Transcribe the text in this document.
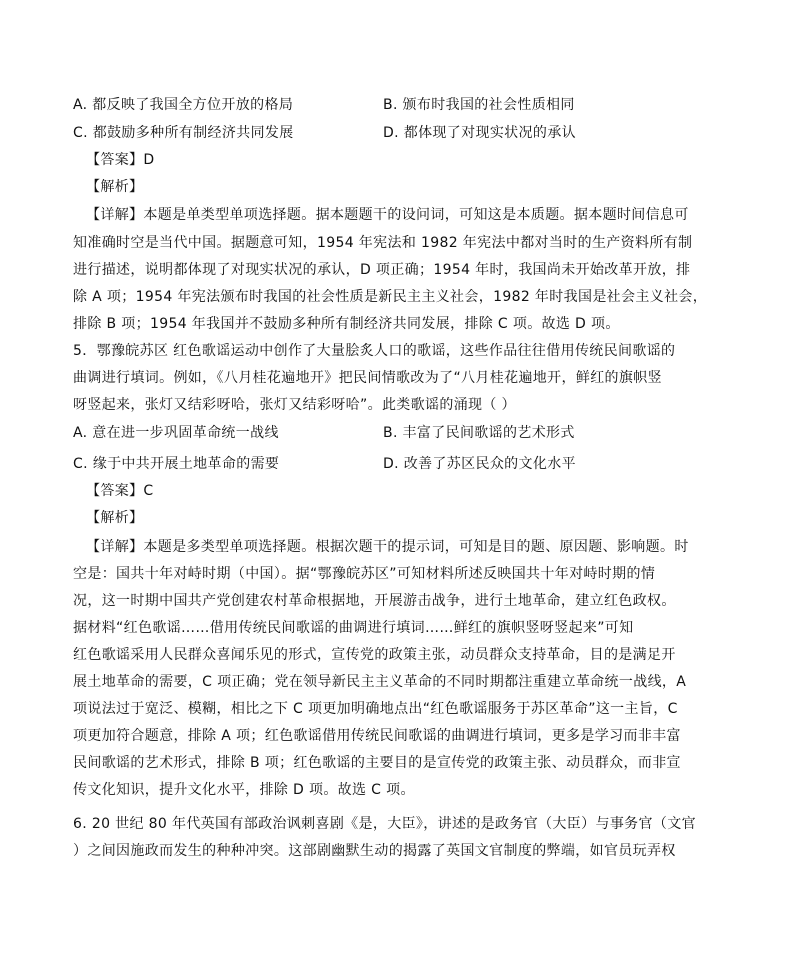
A. 都反映了我国全方位开放的格局	B. 颁布时我国的社会性质相同
C. 都鼓励多种所有制经济共同发展	D. 都体现了对现实状况的承认
【答案】D
【解析】
【详解】本题是单类型单项选择题。据本题题干的设问词，可知这是本质题。据本题时间信息可
知准确时空是当代中国。据题意可知，1954 年宪法和 1982 年宪法中都对当时的生产资料所有制
进行描述，说明都体现了对现实状况的承认，D 项正确；1954 年时，我国尚未开始改革开放，排
除 A 项；1954 年宪法颁布时我国的社会性质是新民主主义社会，1982 年时我国是社会主义社会，
排除 B 项；1954 年我国并不鼓励多种所有制经济共同发展，排除 C 项。故选 D 项。
5．鄂豫皖苏区 红色歌谣运动中创作了大量脍炙人口的歌谣，这些作品往往借用传统民间歌谣的
曲调进行填词。例如，《八月桂花遍地开》把民间情歌改为了“八月桂花遍地开，鲜红的旗帜竖
呀竖起来，张灯又结彩呀哈，张灯又结彩呀哈”。此类歌谣的涌现（ ）
A. 意在进一步巩固革命统一战线	B. 丰富了民间歌谣的艺术形式
C. 缘于中共开展土地革命的需要	D. 改善了苏区民众的文化水平
【答案】C
【解析】
【详解】本题是多类型单项选择题。根据次题干的提示词，可知是目的题、原因题、影响题。时
空是：国共十年对峙时期（中国）。据“鄂豫皖苏区”可知材料所述反映国共十年对峙时期的情
况，这一时期中国共产党创建农村革命根据地，开展游击战争，进行土地革命，建立红色政权。
据材料“红色歌谣……借用传统民间歌谣的曲调进行填词……鲜红的旗帜竖呀竖起来”可知
红色歌谣采用人民群众喜闻乐见的形式，宣传党的政策主张，动员群众支持革命，目的是满足开
展土地革命的需要，C 项正确；党在领导新民主主义革命的不同时期都注重建立革命统一战线，A
项说法过于宽泛、模糊，相比之下 C 项更加明确地点出“红色歌谣服务于苏区革命”这一主旨，C
项更加符合题意，排除 A 项；红色歌谣借用传统民间歌谣的曲调进行填词，更多是学习而非丰富
民间歌谣的艺术形式，排除 B 项；红色歌谣的主要目的是宣传党的政策主张、动员群众，而非宣
传文化知识，提升文化水平，排除 D 项。故选 C 项。
6. 20 世纪 80 年代英国有部政治讽刺喜剧《是，大臣》，讲述的是政务官（大臣）与事务官（文官
）之间因施政而发生的种种冲突。这部剧幽默生动的揭露了英国文官制度的弊端，如官员玩弄权
